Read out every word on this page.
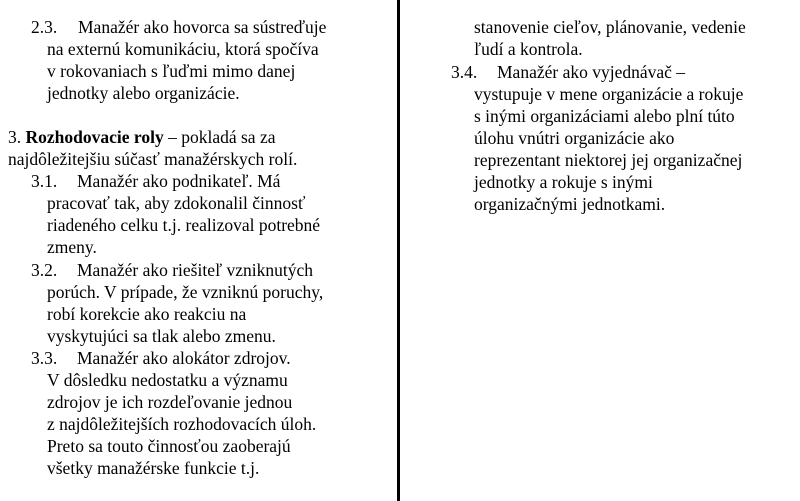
2.3. Manažér ako hovorca sa sústreďuje
na externú komunikáciu, ktorá spočíva
v rokovaniach s ľuďmi mimo danej
jednotky alebo organizácie.
3. Rozhodovacie roly – pokladá sa za
najdôležitejšiu súčasť manažérskych rolí.
3.1. Manažér ako podnikateľ. Má
pracovať tak, aby zdokonalil činnosť
riadeného celku t.j. realizoval potrebné
zmeny.
3.2. Manažér ako riešiteľ vzniknutých
porúch. V prípade, že vzniknú poruchy,
robí korekcie ako reakciu na
vyskytujúci sa tlak alebo zmenu.
3.3. Manažér ako alokátor zdrojov.
V dôsledku nedostatku a významu
zdrojov je ich rozdeľovanie jednou
z najdôležitejších rozhodovacích úloh.
Preto sa touto činnosťou zaoberajú
všetky manažérske funkcie t.j.
stanovenie cieľov, plánovanie, vedenie
ľudí a kontrola.
3.4. Manažér ako vyjednávač –
vystupuje v mene organizácie a rokuje
s inými organizáciami alebo plní túto
úlohu vnútri organizácie ako
reprezentant niektorej jej organizačnej
jednotky a rokuje s inými
organizačnými jednotkami.
